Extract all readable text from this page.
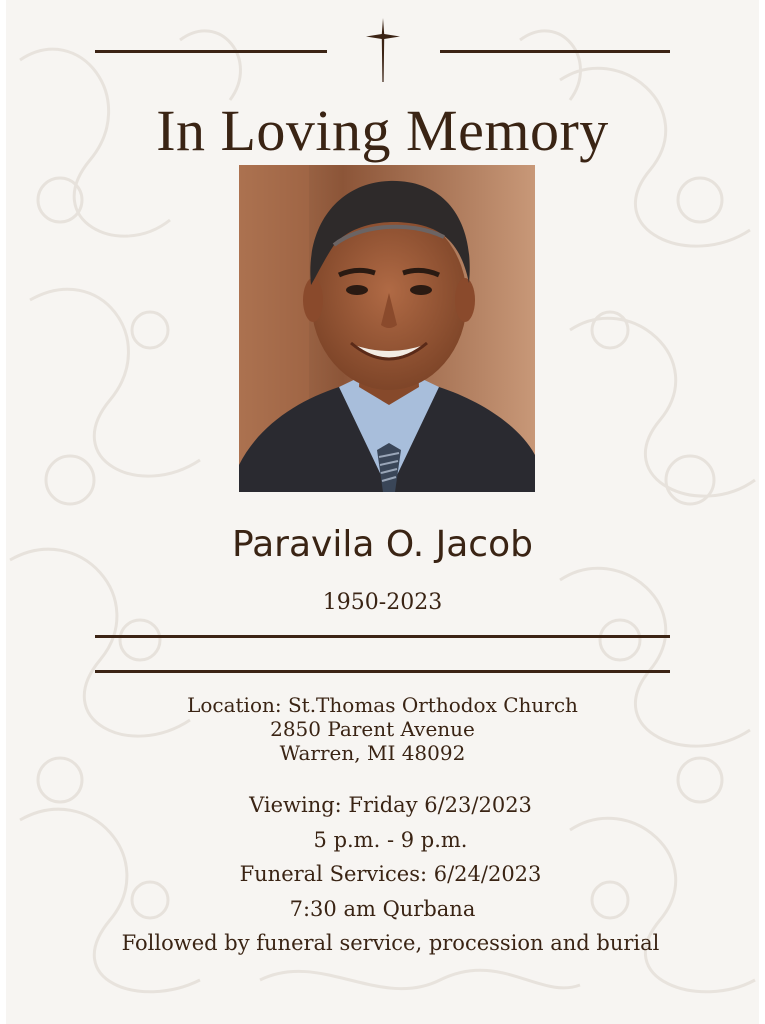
In Loving Memory
Paravila O. Jacob
1950-2023
Location: St.Thomas Orthodox Church
2850 Parent Avenue
Warren, MI 48092
Viewing: Friday 6/23/2023
5 p.m. - 9 p.m.
Funeral Services: 6/24/2023
7:30 am Qurbana
Followed by funeral service, procession and burial
